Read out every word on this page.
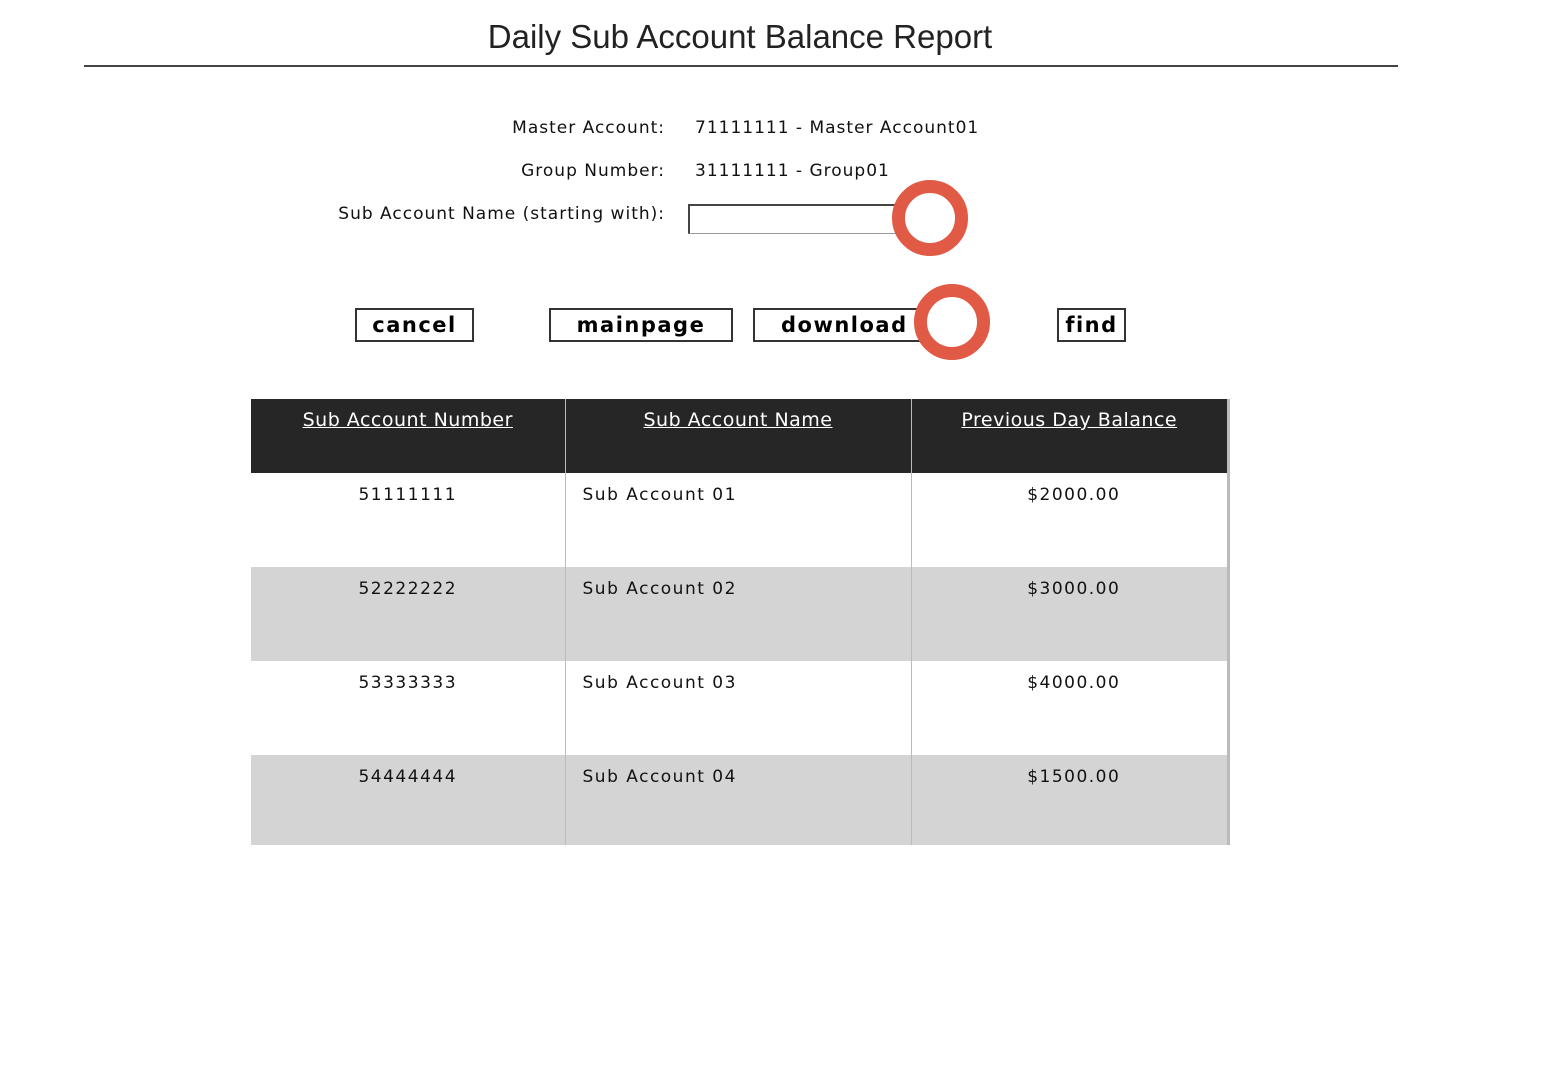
Daily Sub Account Balance Report
Master Account: 71111111 - Master Account01
Group Number: 31111111 - Group01
Sub Account Name (starting with):
cancel	mainpage	download	find
Sub Account Number	Sub Account Name	Previous Day Balance
51111111	Sub Account 01	$2000.00
52222222	Sub Account 02	$3000.00
53333333	Sub Account 03	$4000.00
54444444	Sub Account 04	$1500.00
